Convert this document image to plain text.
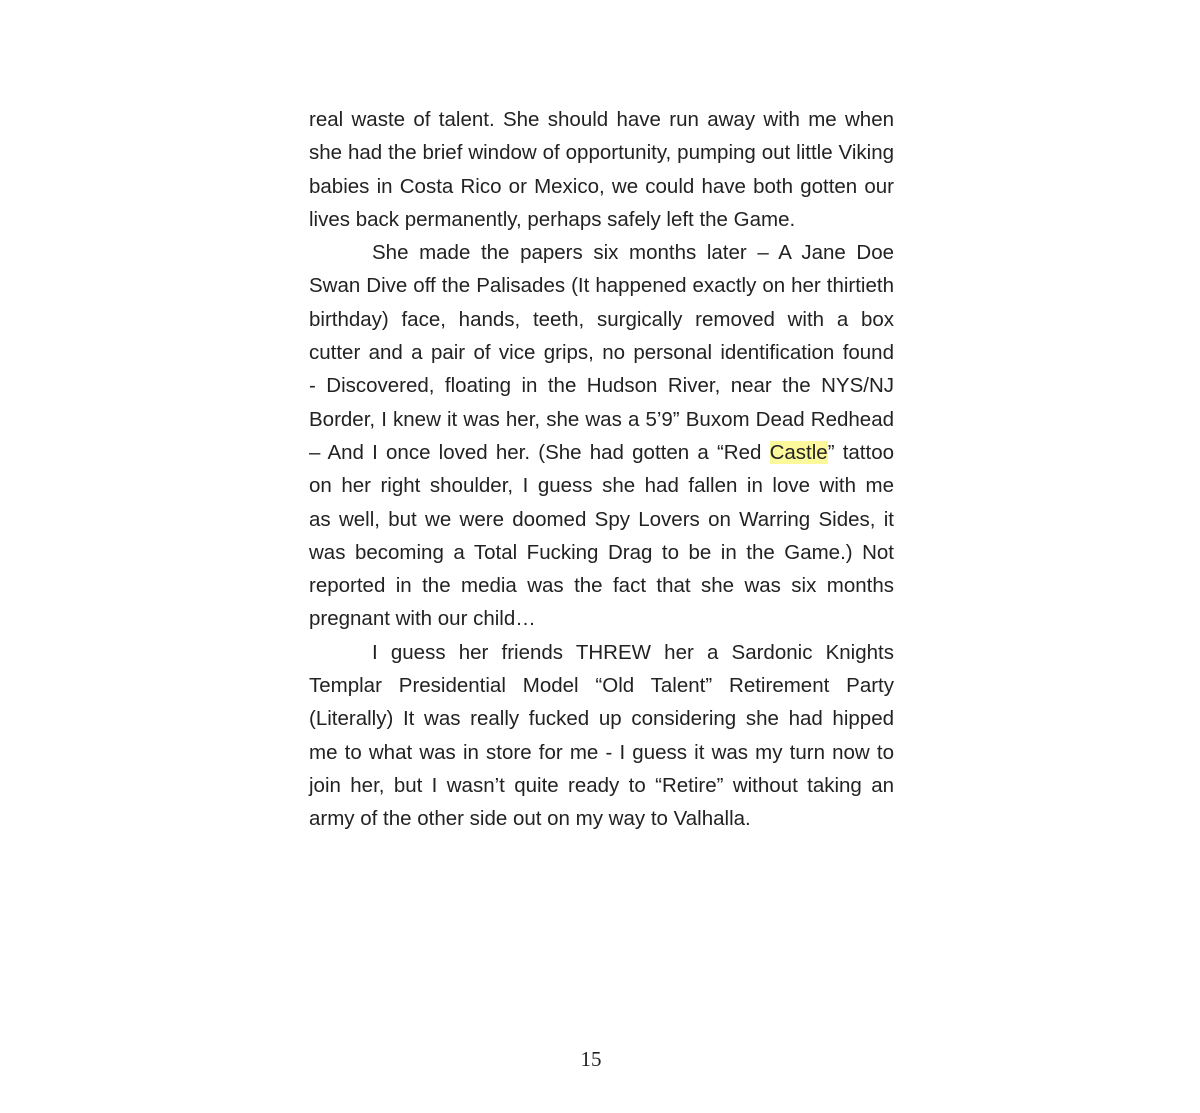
real waste of talent. She should have run away with me when
she had the brief window of opportunity, pumping out little Viking
babies in Costa Rico or Mexico, we could have both gotten our
lives back permanently, perhaps safely left the Game.
She made the papers six months later – A Jane Doe
Swan Dive off the Palisades (It happened exactly on her thirtieth
birthday) face, hands, teeth, surgically removed with a box
cutter and a pair of vice grips, no personal identification found
- Discovered, floating in the Hudson River, near the NYS/NJ
Border, I knew it was her, she was a 5’9” Buxom Dead Redhead
– And I once loved her. (She had gotten a “Red Castle” tattoo
on her right shoulder, I guess she had fallen in love with me
as well, but we were doomed Spy Lovers on Warring Sides, it
was becoming a Total Fucking Drag to be in the Game.) Not
reported in the media was the fact that she was six months
pregnant with our child…
I guess her friends THREW her a Sardonic Knights
Templar Presidential Model “Old Talent” Retirement Party
(Literally) It was really fucked up considering she had hipped
me to what was in store for me - I guess it was my turn now to
join her, but I wasn’t quite ready to “Retire” without taking an
army of the other side out on my way to Valhalla.
15
